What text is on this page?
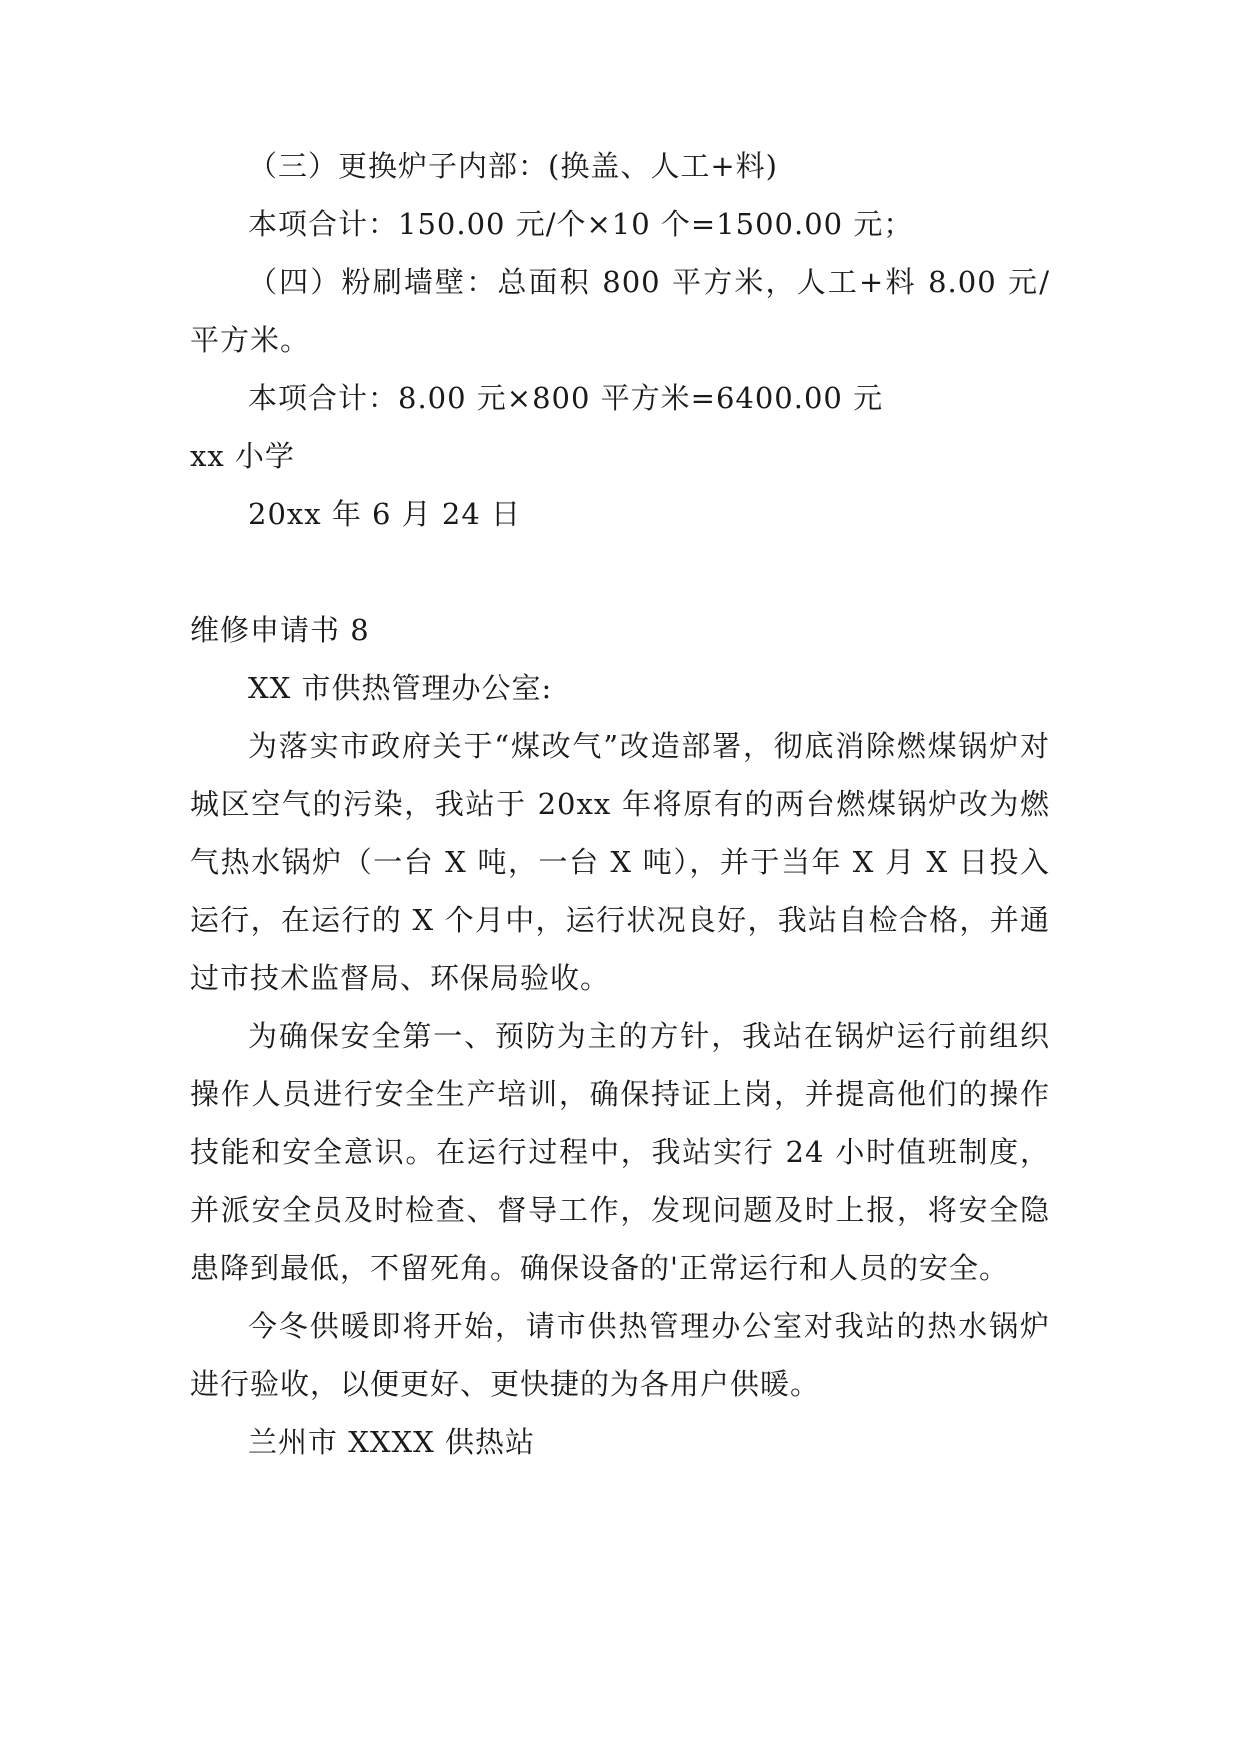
（三）更换炉子内部：(换盖、人工+料)

本项合计：150.00 元/个×10 个=1500.00 元；

（四）粉刷墙壁：总面积 800 平方米，人工+料 8.00 元/平方米。

本项合计：8.00 元×800 平方米=6400.00 元

xx 小学

20xx 年 6 月 24 日

维修申请书 8

XX 市供热管理办公室:

为落实市政府关于“煤改气”改造部署，彻底消除燃煤锅炉对城区空气的污染，我站于 20xx 年将原有的两台燃煤锅炉改为燃气热水锅炉（一台 X 吨，一台 X 吨），并于当年 X 月 X 日投入运行，在运行的 X 个月中，运行状况良好，我站自检合格，并通过市技术监督局、环保局验收。

为确保安全第一、预防为主的方针，我站在锅炉运行前组织操作人员进行安全生产培训，确保持证上岗，并提高他们的操作技能和安全意识。在运行过程中，我站实行 24 小时值班制度，并派安全员及时检查、督导工作，发现问题及时上报，将安全隐患降到最低，不留死角。确保设备的'正常运行和人员的安全。

今冬供暖即将开始，请市供热管理办公室对我站的热水锅炉进行验收，以便更好、更快捷的为各用户供暖。

兰州市 XXXX 供热站
